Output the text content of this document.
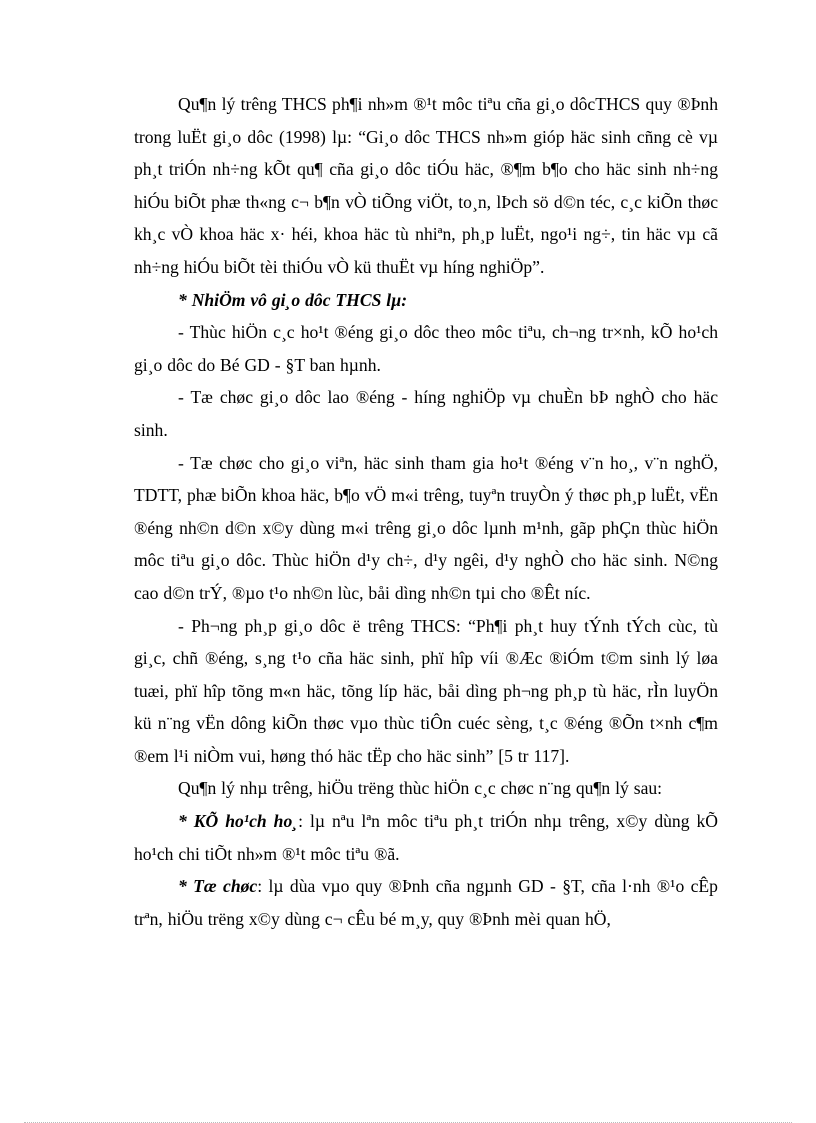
Qu¶n lý trêng THCS ph¶i nh»m ®¹t môc tiªu cña gi¸o dôcTHCS quy ®Þnh trong luËt gi¸o dôc (1998) lµ: “Gi¸o dôc THCS nh»m gióp häc sinh cñng cè vµ ph¸t triÓn nh÷ng kÕt qu¶ cña gi¸o dôc tiÓu häc, ®¶m b¶o cho häc sinh nh÷ng hiÓu biÕt phæ th«ng c¬ b¶n vÒ tiÕng viÖt, to¸n, lÞch sö d©n téc, c¸c kiÕn thøc kh¸c vÒ khoa häc x· héi, khoa häc tù nhiªn, ph¸p luËt, ngo¹i ng÷, tin häc vµ cã nh÷ng hiÓu biÕt tèi thiÓu vÒ kü thuËt vµ híng nghiÖp”.

* NhiÖm vô gi¸o dôc THCS lµ:

- Thùc hiÖn c¸c ho¹t ®éng gi¸o dôc theo môc tiªu, ch¬ng tr×nh, kÕ ho¹ch gi¸o dôc do Bé GD - §T ban hµnh.

- Tæ chøc gi¸o dôc lao ®éng - híng nghiÖp vµ chuÈn bÞ nghÒ cho häc sinh.

- Tæ chøc cho gi¸o viªn, häc sinh tham gia ho¹t ®éng v¨n ho¸, v¨n nghÖ, TDTT, phæ biÕn khoa häc, b¶o vÖ m«i trêng, tuyªn truyÒn ý thøc ph¸p luËt, vËn ®éng nh©n d©n x©y dùng m«i trêng gi¸o dôc lµnh m¹nh, gãp phÇn thùc hiÖn môc tiªu gi¸o dôc. Thùc hiÖn d¹y ch÷, d¹y ngêi, d¹y nghÒ cho häc sinh. N©ng cao d©n trÝ, ®µo t¹o nh©n lùc, båi dìng nh©n tµi cho ®Êt níc.

- Ph¬ng ph¸p gi¸o dôc ë trêng THCS: “Ph¶i ph¸t huy tÝnh tÝch cùc, tù gi¸c, chñ ®éng, s¸ng t¹o cña häc sinh, phï hîp víi ®Æc ®iÓm t©m sinh lý løa tuæi, phï hîp tõng m«n häc, tõng líp häc, båi dìng ph¬ng ph¸p tù häc, rÌn luyÖn kü n¨ng vËn dông kiÕn thøc vµo thùc tiÔn cuéc sèng, t¸c ®éng ®Õn t×nh c¶m ®em l¹i niÒm vui, høng thó häc tËp cho häc sinh” [5 tr 117].

Qu¶n lý nhµ trêng, hiÖu trëng thùc hiÖn c¸c chøc n¨ng qu¶n lý sau:

* KÕ ho¹ch ho¸: lµ nªu lªn môc tiªu ph¸t triÓn nhµ trêng, x©y dùng kÕ ho¹ch chi tiÕt nh»m ®¹t môc tiªu ®ã.

* Tæ chøc: lµ dùa vµo quy ®Þnh cña ngµnh GD - §T, cña l·nh ®¹o cÊp trªn, hiÖu trëng x©y dùng c¬ cÊu bé m¸y, quy ®Þnh mèi quan hÖ,
